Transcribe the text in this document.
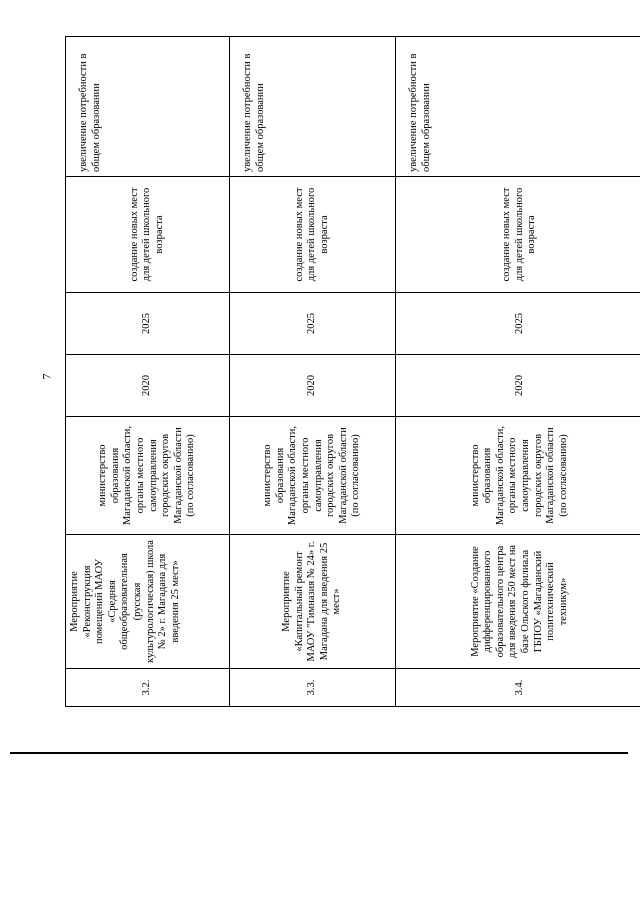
7
3.2.	Мероприятие «Реконструкция помещений МАОУ «Средняя общеобразовательная (русская культурологическая) школа № 2» г. Магадана для введения 25 мест»	министерство образования Магаданской области, органы местного самоуправления городских округов Магаданской области (по согласованию)	2020	2025	создание новых мест для детей школьного возраста	увеличение потребности в общем образовании
3.3.	Мероприятие «Капитальный ремонт МАОУ "Гимназия № 24» г. Магадана для введения 25 мест»	министерство образования Магаданской области, органы местного самоуправления городских округов Магаданской области (по согласованию)	2020	2025	создание новых мест для детей школьного возраста	увеличение потребности в общем образовании
3.4.	Мероприятие «Создание дифференцированного образовательного центра для введения 250 мест на базе Ольского филиала ГБПОУ «Магаданский политехнический техникум»	министерство образования Магаданской области, органы местного самоуправления городских округов Магаданской области (по согласованию)	2020	2025	создание новых мест для детей школьного возраста	увеличение потребности в общем образовании
